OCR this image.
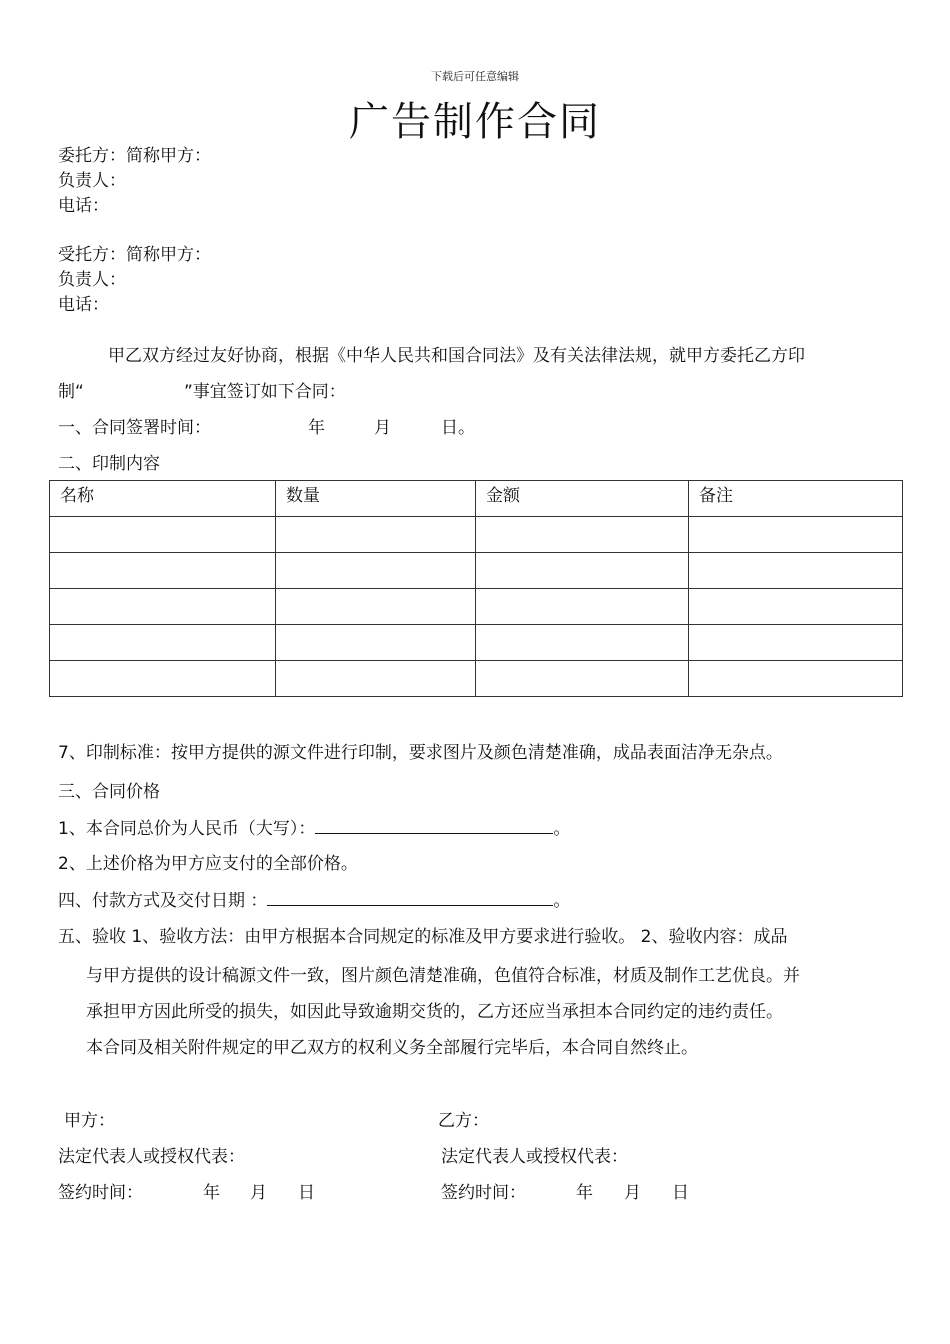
下载后可任意编辑
广告制作合同
委托方：简称甲方：
负责人：
电话：
受托方：简称甲方：
负责人：
电话：
甲乙双方经过友好协商，根据《中华人民共和国合同法》及有关法律法规，就甲方委托乙方印
制“	”事宜签订如下合同：
一、合同签署时间：	年	月	日。
二、印制内容
名称	数量	金额	备注

7、印制标准：按甲方提供的源文件进行印制，要求图片及颜色清楚准确，成品表面洁净无杂点。
三、合同价格
1、本合同总价为人民币（大写）：	。
2、上述价格为甲方应支付的全部价格。
四、付款方式及交付日期 ：	。
五、验收 1、验收方法：由甲方根据本合同规定的标准及甲方要求进行验收。 2、验收内容：成品
与甲方提供的设计稿源文件一致，图片颜色清楚准确，色值符合标准，材质及制作工艺优良。并
承担甲方因此所受的损失，如因此导致逾期交货的，乙方还应当承担本合同约定的违约责任。
本合同及相关附件规定的甲乙双方的权利义务全部履行完毕后，本合同自然终止。
甲方：
法定代表人或授权代表：
签约时间：	年 月 日
乙方：
法定代表人或授权代表：
签约时间：	年 月 日
